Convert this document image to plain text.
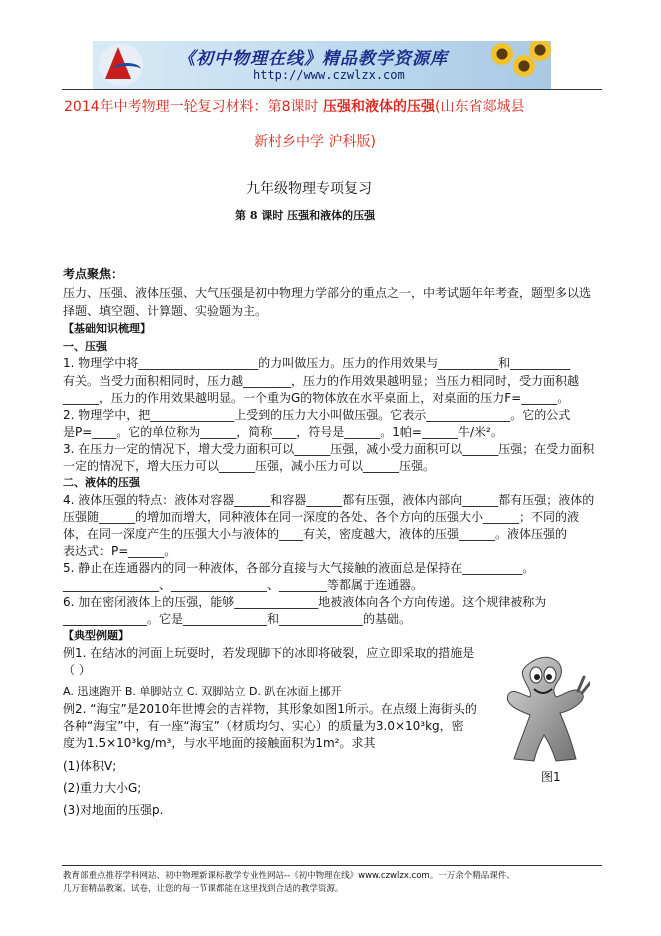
《初中物理在线》精品教学资源库
http://www.czwlzx.com
2014年中考物理一轮复习材料：第8课时 压强和液体的压强(山东省郯城县
新村乡中学 沪科版)
九年级物理专项复习
第 8 课时 压强和液体的压强
考点聚焦：
压力、压强、液体压强、大气压强是初中物理力学部分的重点之一，中考试题年年考查，题型多以选
择题、填空题、计算题、实验题为主。
【基础知识梳理】
一、压强
1. 物理学中将____________________的力叫做压力。压力的作用效果与__________和__________
有关。当受力面积相同时，压力越________，压力的作用效果越明显；当压力相同时，受力面积越
______，压力的作用效果越明显。一个重为G的物体放在水平桌面上，对桌面的压力F=______。
2. 物理学中，把______________上受到的压力大小叫做压强。它表示______________。它的公式
是P=____。它的单位称为______，简称____，符号是______。1帕=______牛/米²。
3. 在压力一定的情况下，增大受力面积可以______压强，减小受力面积可以______压强；在受力面积
一定的情况下，增大压力可以______压强，减小压力可以______压强。
二、液体的压强
4. 液体压强的特点：液体对容器______和容器______都有压强，液体内部向______都有压强；液体的
压强随______的增加而增大，同种液体在同一深度的各处、各个方向的压强大小______；不同的液
体，在同一深度产生的压强大小与液体的____有关，密度越大，液体的压强______。液体压强的
表达式：P=______。
5. 静止在连通器内的同一种液体，各部分直接与大气接触的液面总是保持在__________。
________________、________________、________等都属于连通器。
6. 加在密闭液体上的压强，能够______________地被液体向各个方向传递。这个规律被称为
______________。它是______________和______________的基础。
【典型例题】
例1. 在结冰的河面上玩耍时，若发现脚下的冰即将破裂，应立即采取的措施是
（ ）
A. 迅速跑开 B. 单脚站立 C. 双脚站立 D. 趴在冰面上挪开
例2. “海宝”是2010年世博会的吉祥物，其形象如图1所示。在点缀上海街头的
各种“海宝”中，有一座“海宝”（材质均匀、实心）的质量为3.0×10³kg，密
度为1.5×10³kg/m³，与水平地面的接触面积为1m²。求其
(1)体积V;
(2)重力大小G;
(3)对地面的压强p.
图1
教育部重点推荐学科网站、初中物理新课标教学专业性网站--《初中物理在线》www.czwlzx.com。一万余个精品课件、
几万套精品教案、试卷，让您的每一节课都能在这里找到合适的教学资源。
